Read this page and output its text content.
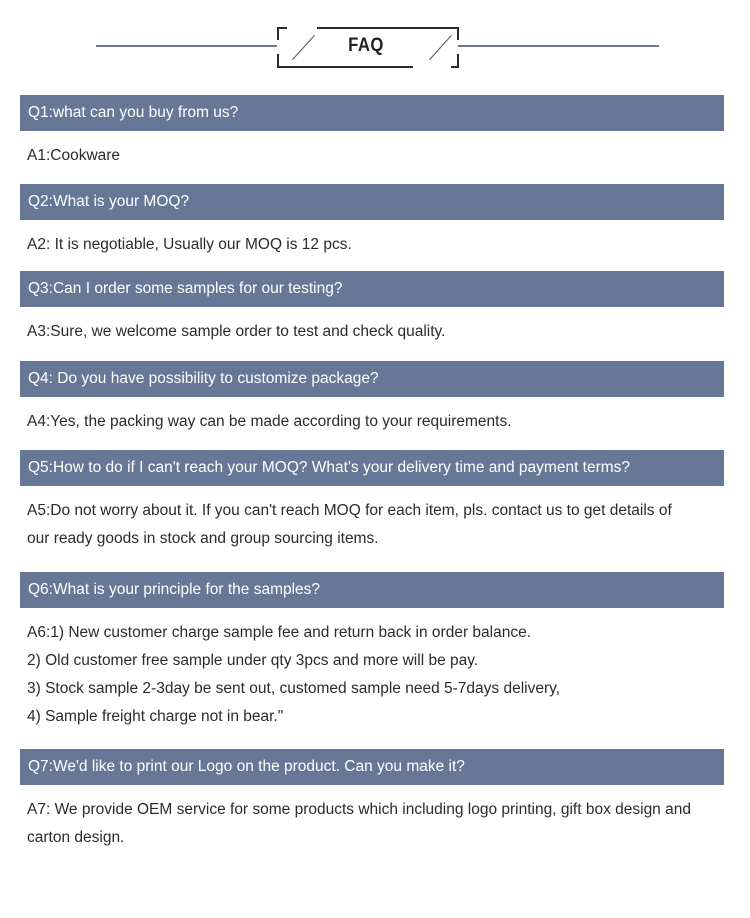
FAQ
Q1:what can you buy from us?
A1:Cookware
Q2:What is your MOQ?
A2: It is negotiable, Usually our MOQ is 12 pcs.
Q3:Can I order some samples for our testing?
A3:Sure, we welcome sample order to test and check quality.
Q4: Do you have possibility to customize package?
A4:Yes, the packing way can be made according to your requirements.
Q5:How to do if I can't reach your MOQ? What's your delivery time and payment terms?
A5:Do not worry about it. If you can't reach MOQ for each item, pls. contact us to get details of
our ready goods in stock and group sourcing items.
Q6:What is your principle for the samples?
A6:1) New customer charge sample fee and return back in order balance.
2) Old customer free sample under qty 3pcs and more will be pay.
3) Stock sample 2-3day be sent out, customed sample need 5-7days delivery,
4) Sample freight charge not in bear."
Q7:We'd like to print our Logo on the product. Can you make it?
A7: We provide OEM service for some products which including logo printing, gift box design and
carton design.
